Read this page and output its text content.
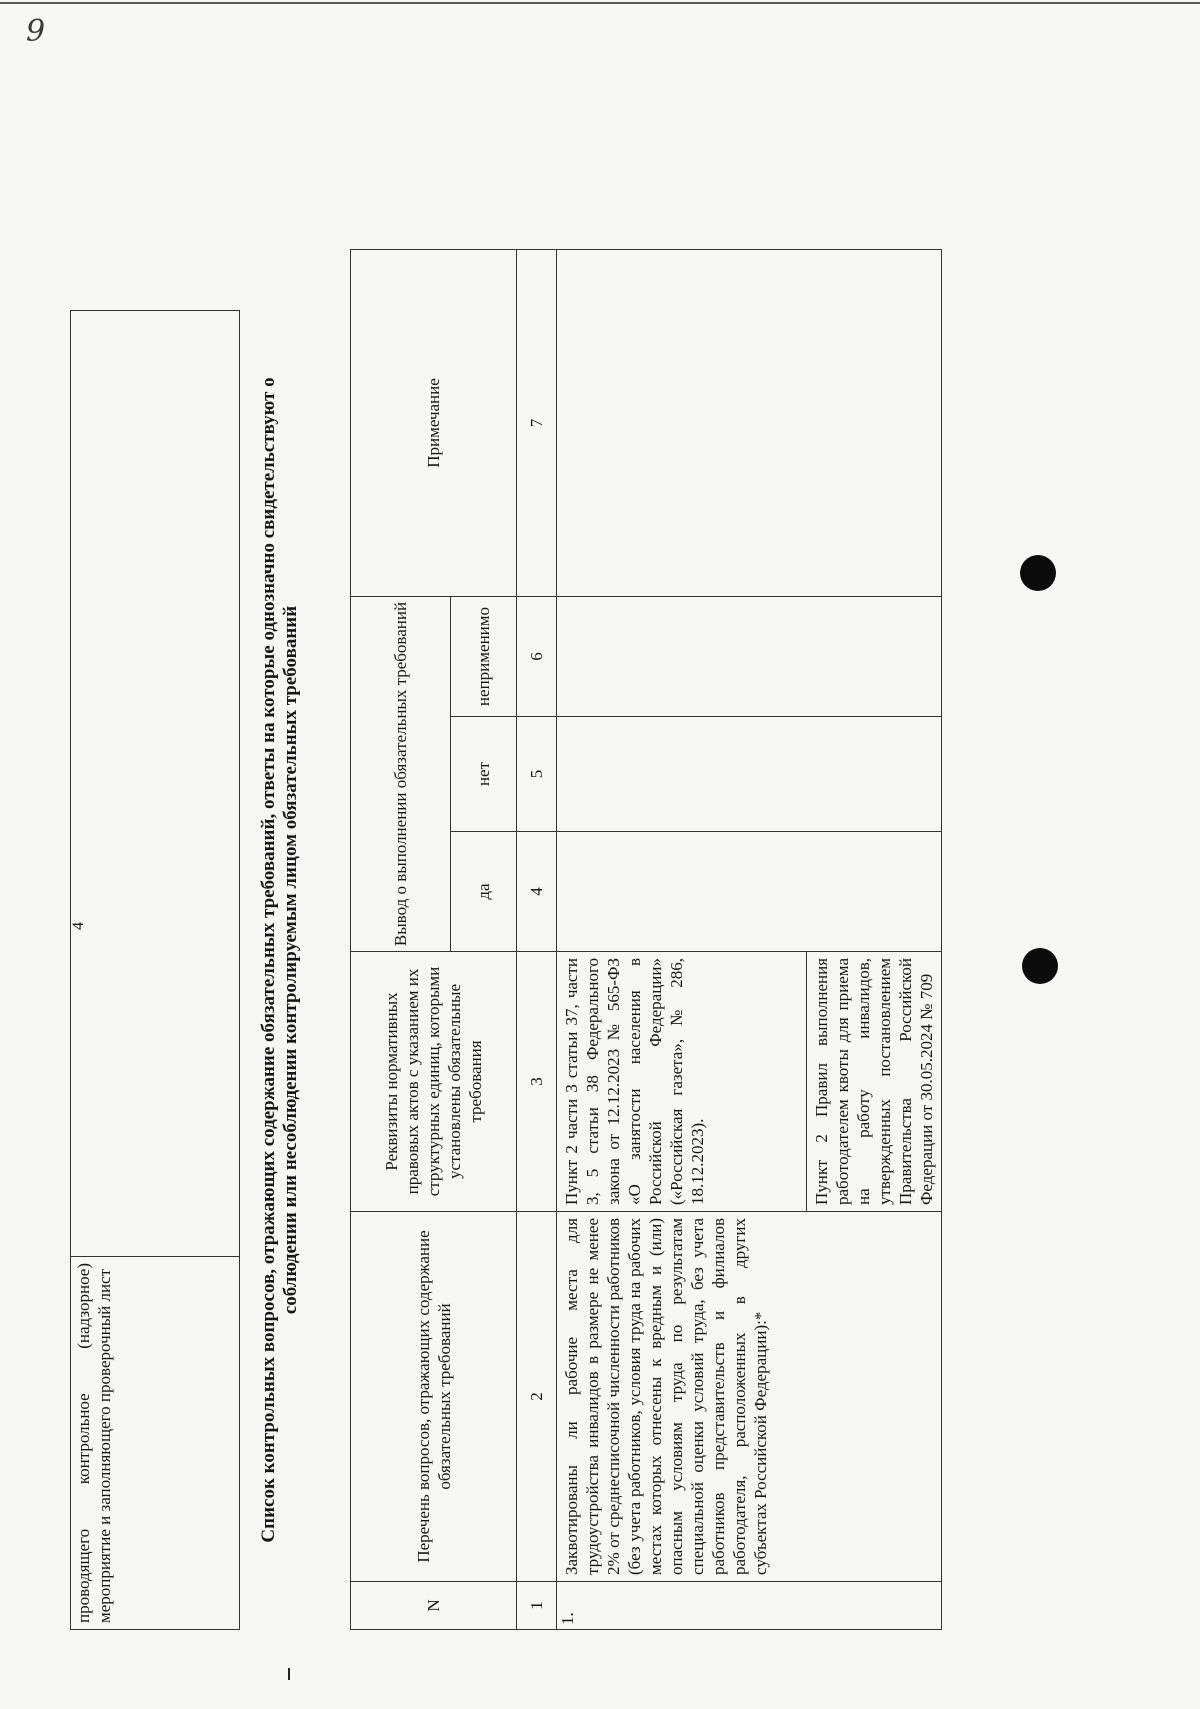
9
4
проводящего контрольное (надзорное) мероприятие и заполняющего проверочный лист		Список контрольных вопросов, отражающих содержание обязательных требований, ответы на которые однозначно свидетельствуют о соблюдении или несоблюдении контролируемым лицом обязательных требований
N	Перечень вопросов, отражающих содержание обязательных требований	Реквизиты нормативных правовых актов с указанием их структурных единиц, которыми установлены обязательные требования	Вывод о выполнении обязательных требований			Примечание
			да	нет	неприменимо	
1	2	3	4	5	6	7
1.	Заквотированы ли рабочие места для трудоустройства инвалидов в размере не менее 2% от среднесписочной численности работников (без учета работников, условия труда на рабочих местах которых отнесены к вредным и (или) опасным условиям труда по результатам специальной оценки условий труда, без учета работников представительств и филиалов работодателя, расположенных в других субъектах Российской Федерации):*	Пункт 2 части 3 статьи 37, части 3, 5 статьи 38 Федерального закона от 12.12.2023 № 565-ФЗ «О занятости населения в Российской Федерации» («Российская газета», № 286, 18.12.2023).				
		Пункт 2 Правил выполнения работодателем квоты для приема на работу инвалидов, утвержденных постановлением Правительства Российской Федерации от 30.05.2024 № 709				
